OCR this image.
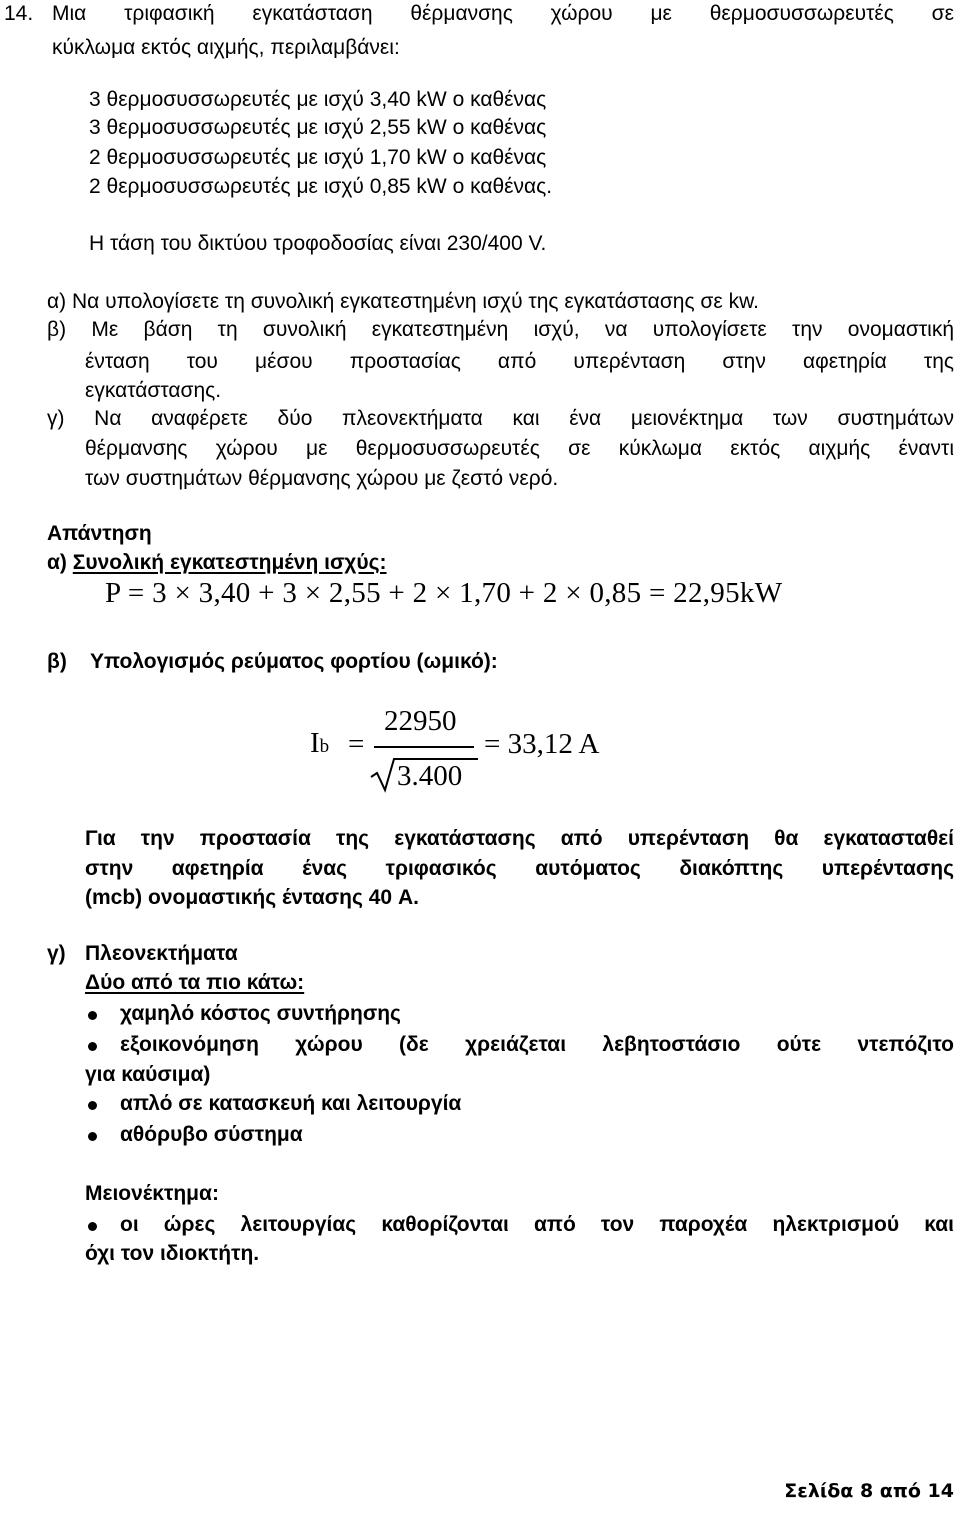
14. Μια τριφασική εγκατάσταση θέρμανσης χώρου με θερμοσυσσωρευτές σε
κύκλωμα εκτός αιχμής, περιλαμβάνει:
3 θερμοσυσσωρευτές με ισχύ 3,40 kW ο καθένας
3 θερμοσυσσωρευτές με ισχύ 2,55 kW ο καθένας
2 θερμοσυσσωρευτές με ισχύ 1,70 kW ο καθένας
2 θερμοσυσσωρευτές με ισχύ 0,85 kW ο καθένας.
Η τάση του δικτύου τροφοδοσίας είναι 230/400 V.
α) Να υπολογίσετε τη συνολική εγκατεστημένη ισχύ της εγκατάστασης σε kw.
β) Με βάση τη συνολική εγκατεστημένη ισχύ, να υπολογίσετε την ονομαστική
ένταση του μέσου προστασίας από υπερένταση στην αφετηρία της
εγκατάστασης.
γ) Να αναφέρετε δύο πλεονεκτήματα και ένα μειονέκτημα των συστημάτων
θέρμανσης χώρου με θερμοσυσσωρευτές σε κύκλωμα εκτός αιχμής έναντι
των συστημάτων θέρμανσης χώρου με ζεστό νερό.
Απάντηση
α) Συνολική εγκατεστημένη ισχύς:
P = 3 × 3,40 + 3 × 2,55 + 2 × 1,70 + 2 × 0,85 = 22,95kW
β) Υπολογισμός ρεύματος φορτίου (ωμικό):
Ib =
22950
3.400
= 33,12 A
Για την προστασία της εγκατάστασης από υπερένταση θα εγκατασταθεί
στην αφετηρία ένας τριφασικός αυτόματος διακόπτης υπερέντασης
(mcb) ονομαστικής έντασης 40 A.
γ) Πλεονεκτήματα
Δύο από τα πιο κάτω:
χαμηλό κόστος συντήρησης
εξοικονόμηση χώρου (δε χρειάζεται λεβητοστάσιο ούτε ντεπόζιτο
για καύσιμα)
απλό σε κατασκευή και λειτουργία
αθόρυβο σύστημα
Μειονέκτημα:
οι ώρες λειτουργίας καθορίζονται από τον παροχέα ηλεκτρισμού και
όχι τον ιδιοκτήτη.
Σελίδα 8 από 14
